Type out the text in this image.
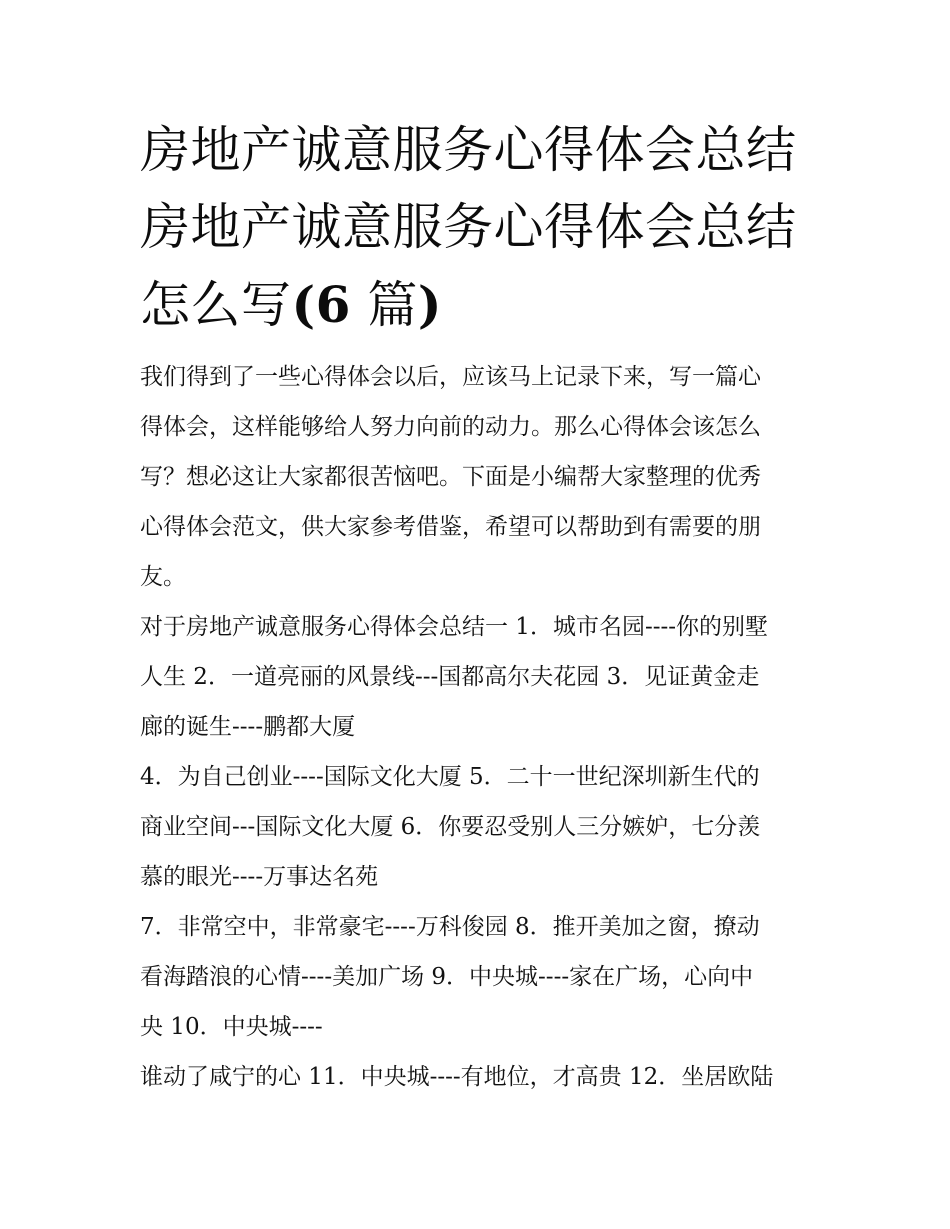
房地产诚意服务心得体会总结
房地产诚意服务心得体会总结
怎么写(6 篇)

我们得到了一些心得体会以后，应该马上记录下来，写一篇心
得体会，这样能够给人努力向前的动力。那么心得体会该怎么
写？想必这让大家都很苦恼吧。下面是小编帮大家整理的优秀
心得体会范文，供大家参考借鉴，希望可以帮助到有需要的朋
友。

对于房地产诚意服务心得体会总结一 1．城市名园----你的别墅
人生 2．一道亮丽的风景线---国都高尔夫花园 3．见证黄金走
廊的诞生----鹏都大厦

4．为自己创业----国际文化大厦 5．二十一世纪深圳新生代的
商业空间---国际文化大厦 6．你要忍受别人三分嫉妒，七分羡
慕的眼光----万事达名苑

7．非常空中，非常豪宅----万科俊园 8．推开美加之窗，撩动
看海踏浪的心情----美加广场 9．中央城----家在广场，心向中
央 10．中央城----

谁动了咸宁的心 11．中央城----有地位，才高贵 12．坐居欧陆
